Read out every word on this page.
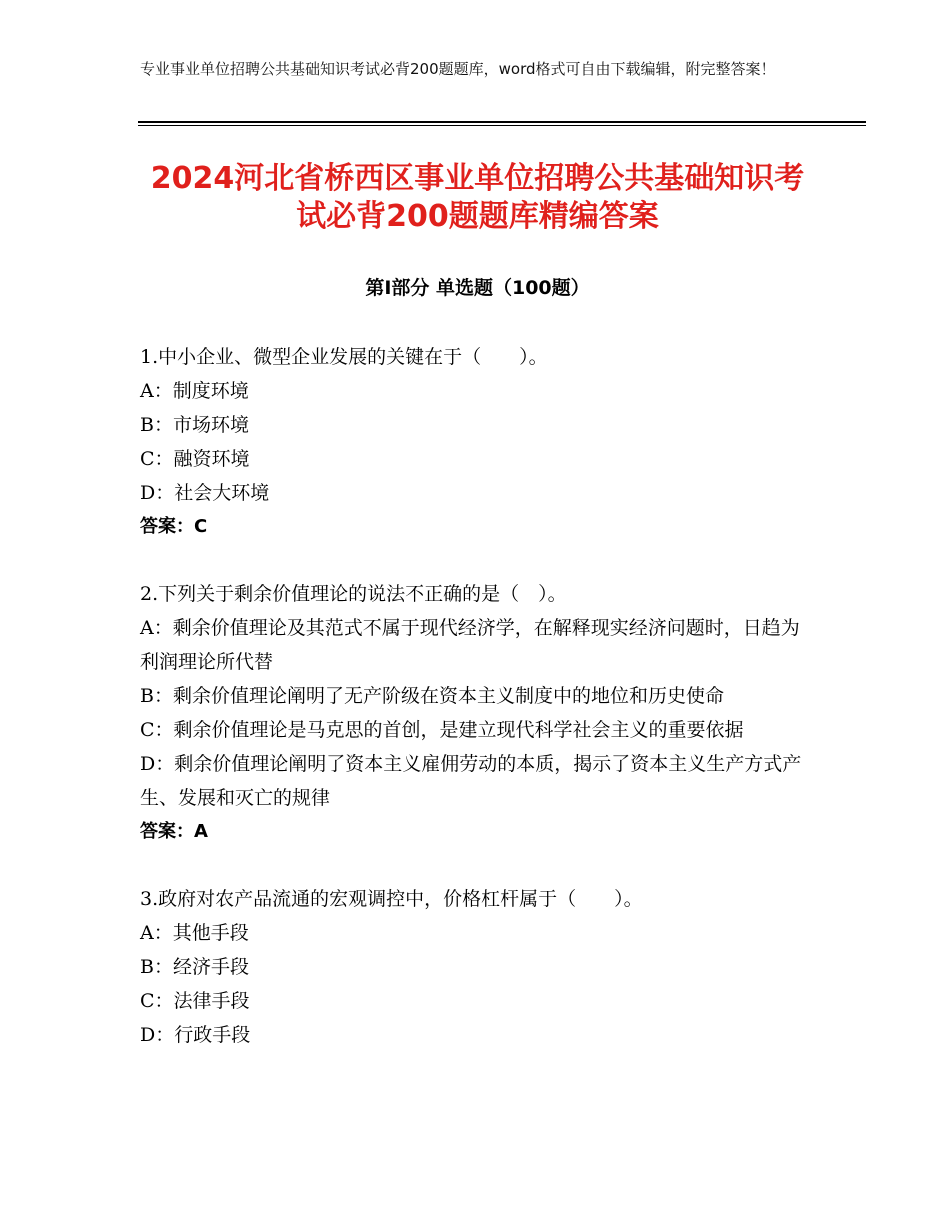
专业事业单位招聘公共基础知识考试必背200题题库，word格式可自由下载编辑，附完整答案！
2024河北省桥西区事业单位招聘公共基础知识考试必背200题题库精编答案
第Ⅰ部分 单选题（100题）

1.中小企业、微型企业发展的关键在于（　　）。

A：制度环境

B：市场环境

C：融资环境

D：社会大环境

答案：C

2.下列关于剩余价值理论的说法不正确的是（　）。

A：剩余价值理论及其范式不属于现代经济学，在解释现实经济问题时，日趋为利润理论所代替

B：剩余价值理论阐明了无产阶级在资本主义制度中的地位和历史使命

C：剩余价值理论是马克思的首创，是建立现代科学社会主义的重要依据

D：剩余价值理论阐明了资本主义雇佣劳动的本质，揭示了资本主义生产方式产生、发展和灭亡的规律

答案：A

3.政府对农产品流通的宏观调控中，价格杠杆属于（　　）。

A：其他手段

B：经济手段

C：法律手段

D：行政手段
